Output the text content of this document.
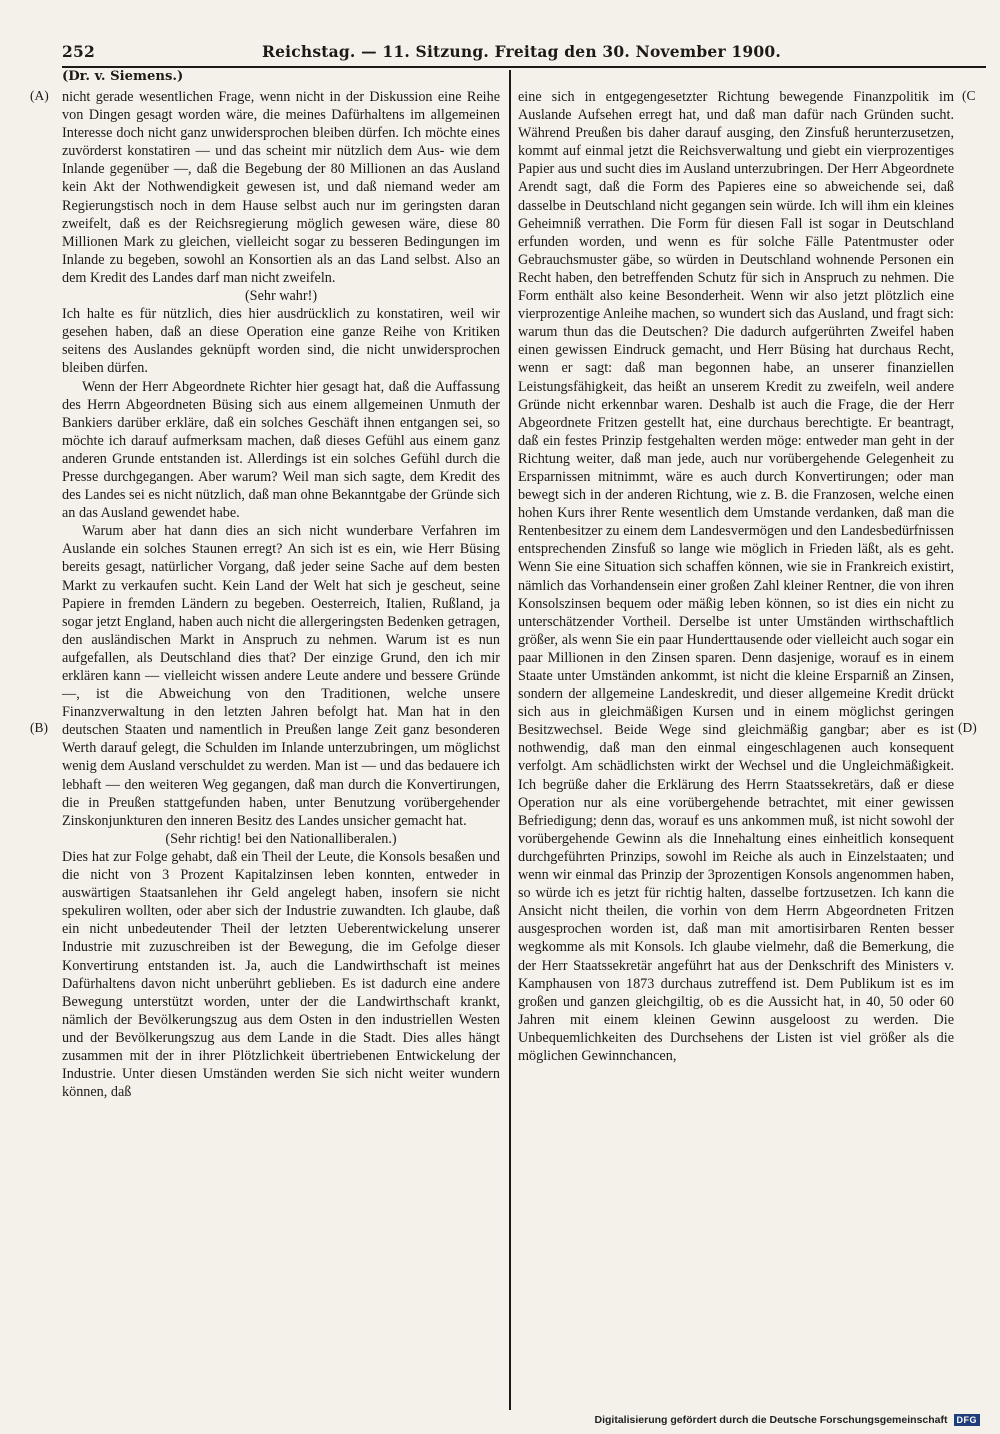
252	Reichstag. — 11. Sitzung. Freitag den 30. November 1900.
(Dr. v. Siemens.)
(A)
(B)
(C
(D)

nicht gerade wesentlichen Frage, wenn nicht in der Diskussion eine Reihe von Dingen gesagt worden wäre, die meines Dafürhaltens im allgemeinen Interesse doch nicht ganz unwidersprochen bleiben dürfen. Ich möchte eines zuvörderst konstatiren — und das scheint mir nützlich dem Aus- wie dem Inlande gegenüber —, daß die Begebung der 80 Millionen an das Ausland kein Akt der Nothwendigkeit gewesen ist, und daß niemand weder am Regierungstisch noch in dem Hause selbst auch nur im geringsten daran zweifelt, daß es der Reichsregierung möglich gewesen wäre, diese 80 Millionen Mark zu gleichen, vielleicht sogar zu besseren Bedingungen im Inlande zu begeben, sowohl an Konsortien als an das Land selbst. Also an dem Kredit des Landes darf man nicht zweifeln.

(Sehr wahr!)

Ich halte es für nützlich, dies hier ausdrücklich zu konstatiren, weil wir gesehen haben, daß an diese Operation eine ganze Reihe von Kritiken seitens des Auslandes geknüpft worden sind, die nicht unwidersprochen bleiben dürfen.

Wenn der Herr Abgeordnete Richter hier gesagt hat, daß die Auffassung des Herrn Abgeordneten Büsing sich aus einem allgemeinen Unmuth der Bankiers darüber erkläre, daß ein solches Geschäft ihnen entgangen sei, so möchte ich darauf aufmerksam machen, daß dieses Gefühl aus einem ganz anderen Grunde entstanden ist. Allerdings ist ein solches Gefühl durch die Presse durchgegangen. Aber warum? Weil man sich sagte, dem Kredit des des Landes sei es nicht nützlich, daß man ohne Bekanntgabe der Gründe sich an das Ausland gewendet habe.

Warum aber hat dann dies an sich nicht wunderbare Verfahren im Auslande ein solches Staunen erregt? An sich ist es ein, wie Herr Büsing bereits gesagt, natürlicher Vorgang, daß jeder seine Sache auf dem besten Markt zu verkaufen sucht. Kein Land der Welt hat sich je gescheut, seine Papiere in fremden Ländern zu begeben. Oesterreich, Italien, Rußland, ja sogar jetzt England, haben auch nicht die allergeringsten Bedenken getragen, den ausländischen Markt in Anspruch zu nehmen. Warum ist es nun aufgefallen, als Deutschland dies that? Der einzige Grund, den ich mir erklären kann — vielleicht wissen andere Leute andere und bessere Gründe —, ist die Abweichung von den Traditionen, welche unsere Finanzverwaltung in den letzten Jahren befolgt hat. Man hat in den deutschen Staaten und namentlich in Preußen lange Zeit ganz besonderen Werth darauf gelegt, die Schulden im Inlande unterzubringen, um möglichst wenig dem Ausland verschuldet zu werden. Man ist — und das bedauere ich lebhaft — den weiteren Weg gegangen, daß man durch die Konvertirungen, die in Preußen stattgefunden haben, unter Benutzung vorübergehender Zinskonjunkturen den inneren Besitz des Landes unsicher gemacht hat.

(Sehr richtig! bei den Nationalliberalen.)

Dies hat zur Folge gehabt, daß ein Theil der Leute, die Konsols besaßen und die nicht von 3 Prozent Kapitalzinsen leben konnten, entweder in auswärtigen Staatsanlehen ihr Geld angelegt haben, insofern sie nicht spekuliren wollten, oder aber sich der Industrie zuwandten. Ich glaube, daß ein nicht unbedeutender Theil der letzten Ueberentwickelung unserer Industrie mit zuzuschreiben ist der Bewegung, die im Gefolge dieser Konvertirung entstanden ist. Ja, auch die Landwirthschaft ist meines Dafürhaltens davon nicht unberührt geblieben. Es ist dadurch eine andere Bewegung unterstützt worden, unter der die Landwirthschaft krankt, nämlich der Bevölkerungszug aus dem Osten in den industriellen Westen und der Bevölkerungszug aus dem Lande in die Stadt. Dies alles hängt zusammen mit der in ihrer Plötzlichkeit übertriebenen Entwickelung der Industrie. Unter diesen Umständen werden Sie sich nicht weiter wundern können, daß

eine sich in entgegengesetzter Richtung bewegende Finanzpolitik im Auslande Aufsehen erregt hat, und daß man dafür nach Gründen sucht. Während Preußen bis daher darauf ausging, den Zinsfuß herunterzusetzen, kommt auf einmal jetzt die Reichsverwaltung und giebt ein vierprozentiges Papier aus und sucht dies im Ausland unterzubringen. Der Herr Abgeordnete Arendt sagt, daß die Form des Papieres eine so abweichende sei, daß dasselbe in Deutschland nicht gegangen sein würde. Ich will ihm ein kleines Geheimniß verrathen. Die Form für diesen Fall ist sogar in Deutschland erfunden worden, und wenn es für solche Fälle Patentmuster oder Gebrauchsmuster gäbe, so würden in Deutschland wohnende Personen ein Recht haben, den betreffenden Schutz für sich in Anspruch zu nehmen. Die Form enthält also keine Besonderheit. Wenn wir also jetzt plötzlich eine vierprozentige Anleihe machen, so wundert sich das Ausland, und fragt sich: warum thun das die Deutschen? Die dadurch aufgerührten Zweifel haben einen gewissen Eindruck gemacht, und Herr Büsing hat durchaus Recht, wenn er sagt: daß man begonnen habe, an unserer finanziellen Leistungsfähigkeit, das heißt an unserem Kredit zu zweifeln, weil andere Gründe nicht erkennbar waren. Deshalb ist auch die Frage, die der Herr Abgeordnete Fritzen gestellt hat, eine durchaus berechtigte. Er beantragt, daß ein festes Prinzip festgehalten werden möge: entweder man geht in der Richtung weiter, daß man jede, auch nur vorübergehende Gelegenheit zu Ersparnissen mitnimmt, wäre es auch durch Konvertirungen; oder man bewegt sich in der anderen Richtung, wie z. B. die Franzosen, welche einen hohen Kurs ihrer Rente wesentlich dem Umstande verdanken, daß man die Rentenbesitzer zu einem dem Landesvermögen und den Landesbedürfnissen entsprechenden Zinsfuß so lange wie möglich in Frieden läßt, als es geht. Wenn Sie eine Situation sich schaffen können, wie sie in Frankreich existirt, nämlich das Vorhandensein einer großen Zahl kleiner Rentner, die von ihren Konsolszinsen bequem oder mäßig leben können, so ist dies ein nicht zu unterschätzender Vortheil. Derselbe ist unter Umständen wirthschaftlich größer, als wenn Sie ein paar Hunderttausende oder vielleicht auch sogar ein paar Millionen in den Zinsen sparen. Denn dasjenige, worauf es in einem Staate unter Umständen ankommt, ist nicht die kleine Ersparniß an Zinsen, sondern der allgemeine Landeskredit, und dieser allgemeine Kredit drückt sich aus in gleichmäßigen Kursen und in einem möglichst geringen Besitzwechsel. Beide Wege sind gleichmäßig gangbar; aber es ist nothwendig, daß man den einmal eingeschlagenen auch konsequent verfolgt. Am schädlichsten wirkt der Wechsel und die Ungleichmäßigkeit. Ich begrüße daher die Erklärung des Herrn Staatssekretärs, daß er diese Operation nur als eine vorübergehende betrachtet, mit einer gewissen Befriedigung; denn das, worauf es uns ankommen muß, ist nicht sowohl der vorübergehende Gewinn als die Innehaltung eines einheitlich konsequent durchgeführten Prinzips, sowohl im Reiche als auch in Einzelstaaten; und wenn wir einmal das Prinzip der 3prozentigen Konsols angenommen haben, so würde ich es jetzt für richtig halten, dasselbe fortzusetzen. Ich kann die Ansicht nicht theilen, die vorhin von dem Herrn Abgeordneten Fritzen ausgesprochen worden ist, daß man mit amortisirbaren Renten besser wegkomme als mit Konsols. Ich glaube vielmehr, daß die Bemerkung, die der Herr Staatssekretär angeführt hat aus der Denkschrift des Ministers v. Kamphausen von 1873 durchaus zutreffend ist. Dem Publikum ist es im großen und ganzen gleichgiltig, ob es die Aussicht hat, in 40, 50 oder 60 Jahren mit einem kleinen Gewinn ausgeloost zu werden. Die Unbequemlichkeiten des Durchsehens der Listen ist viel größer als die möglichen Gewinnchancen,

Digitalisierung gefördert durch die Deutsche Forschungsgemeinschaft	DFG
